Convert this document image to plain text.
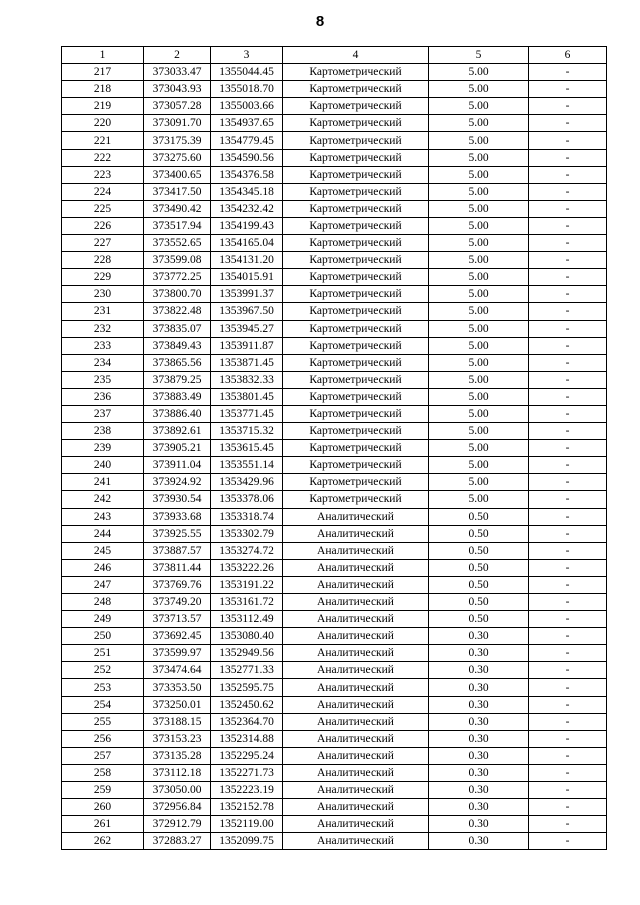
8
1	2	3	4	5	6
217	373033.47	1355044.45	Картометрический	5.00	-
218	373043.93	1355018.70	Картометрический	5.00	-
219	373057.28	1355003.66	Картометрический	5.00	-
220	373091.70	1354937.65	Картометрический	5.00	-
221	373175.39	1354779.45	Картометрический	5.00	-
222	373275.60	1354590.56	Картометрический	5.00	-
223	373400.65	1354376.58	Картометрический	5.00	-
224	373417.50	1354345.18	Картометрический	5.00	-
225	373490.42	1354232.42	Картометрический	5.00	-
226	373517.94	1354199.43	Картометрический	5.00	-
227	373552.65	1354165.04	Картометрический	5.00	-
228	373599.08	1354131.20	Картометрический	5.00	-
229	373772.25	1354015.91	Картометрический	5.00	-
230	373800.70	1353991.37	Картометрический	5.00	-
231	373822.48	1353967.50	Картометрический	5.00	-
232	373835.07	1353945.27	Картометрический	5.00	-
233	373849.43	1353911.87	Картометрический	5.00	-
234	373865.56	1353871.45	Картометрический	5.00	-
235	373879.25	1353832.33	Картометрический	5.00	-
236	373883.49	1353801.45	Картометрический	5.00	-
237	373886.40	1353771.45	Картометрический	5.00	-
238	373892.61	1353715.32	Картометрический	5.00	-
239	373905.21	1353615.45	Картометрический	5.00	-
240	373911.04	1353551.14	Картометрический	5.00	-
241	373924.92	1353429.96	Картометрический	5.00	-
242	373930.54	1353378.06	Картометрический	5.00	-
243	373933.68	1353318.74	Аналитический	0.50	-
244	373925.55	1353302.79	Аналитический	0.50	-
245	373887.57	1353274.72	Аналитический	0.50	-
246	373811.44	1353222.26	Аналитический	0.50	-
247	373769.76	1353191.22	Аналитический	0.50	-
248	373749.20	1353161.72	Аналитический	0.50	-
249	373713.57	1353112.49	Аналитический	0.50	-
250	373692.45	1353080.40	Аналитический	0.30	-
251	373599.97	1352949.56	Аналитический	0.30	-
252	373474.64	1352771.33	Аналитический	0.30	-
253	373353.50	1352595.75	Аналитический	0.30	-
254	373250.01	1352450.62	Аналитический	0.30	-
255	373188.15	1352364.70	Аналитический	0.30	-
256	373153.23	1352314.88	Аналитический	0.30	-
257	373135.28	1352295.24	Аналитический	0.30	-
258	373112.18	1352271.73	Аналитический	0.30	-
259	373050.00	1352223.19	Аналитический	0.30	-
260	372956.84	1352152.78	Аналитический	0.30	-
261	372912.79	1352119.00	Аналитический	0.30	-
262	372883.27	1352099.75	Аналитический	0.30	-
